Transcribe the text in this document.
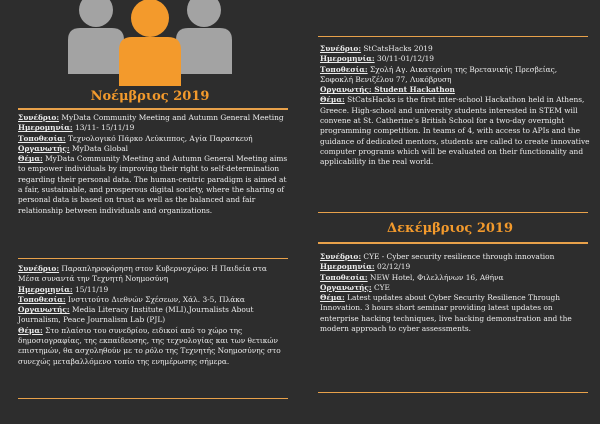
Νοέμβριος 2019

Συνέδριο: MyData Community Meeting and Autumn General Meeting

Ημερομηνία: 13/11- 15/11/19

Τοποθεσία: Τεχνολογικό Πάρκο Λεύκιππος, Αγία Παρασκευή

Οργανωτής: MyData Global

Θέμα: MyData Community Meeting and Autumn General Meeting aims to empower individuals by improving their right to self-determination regarding their personal data. The human-centric paradigm is aimed at a fair, sustainable, and prosperous digital society, where the sharing of personal data is based on trust as well as the balanced and fair relationship between individuals and organizations.

Συνέδριο: Παραπληροφόρηση στον Κυβερνοχώρο: Η Παιδεία στα Μέσα συναντά την Τεχνητή Νοημοσύνη

Ημερομηνία: 15/11/19

Τοποθεσία: Ινστιτούτο Διεθνών Σχέσεων, Χάλ. 3-5, Πλάκα

Οργανωτής: Media Literacy Institute (MLI),Journalists About Journalism, Peace Journalism Lab (PJL)

Θέμα: Στο πλαίσιο του συνεδρίου, ειδικοί από το χώρο της δημοσιογραφίας, της εκπαίδευσης, της τεχνολογίας και των θετικών επιστημών, θα ασχοληθούν με το ρόλο της Τεχνητής Νοημοσύνης στο συνεχώς μεταβαλλόμενο τοπίο της ενημέρωσης σήμερα.

Συνέδριο: StCatsHacks 2019

Ημερομηνία: 30/11-01/12/19

Τοποθεσία: Σχολή Αγ. Αικατερίνη της Βρετανικής Πρεσβείας, Σοφοκλή Βενιζέλου 77, Λυκόβρυση

Οργανωτής: Student Hackathon

Θέμα: StCatsHacks is the first inter-school Hackathon held in Athens, Greece. High-school and university students interested in STEM will convene at St. Catherine's British School for a two-day overnight programming competition. In teams of 4, with access to APIs and the guidance of dedicated mentors, students are called to create innovative computer programs which will be evaluated on their functionality and applicability in the real world.

Δεκέμβριος 2019

Συνέδριο: CYE - Cyber security resilience through innovation

Ημερομηνία: 02/12/19

Τοποθεσία: NEW Hotel, Φιλελλήνων 16, Αθήνα

Οργανωτής: CYE

Θέμα: Latest updates about Cyber Security Resilience Through Innovation. 3 hours short seminar providing latest updates on enterprise hacking techniques, live hacking demonstration and the modern approach to cyber assessments.
